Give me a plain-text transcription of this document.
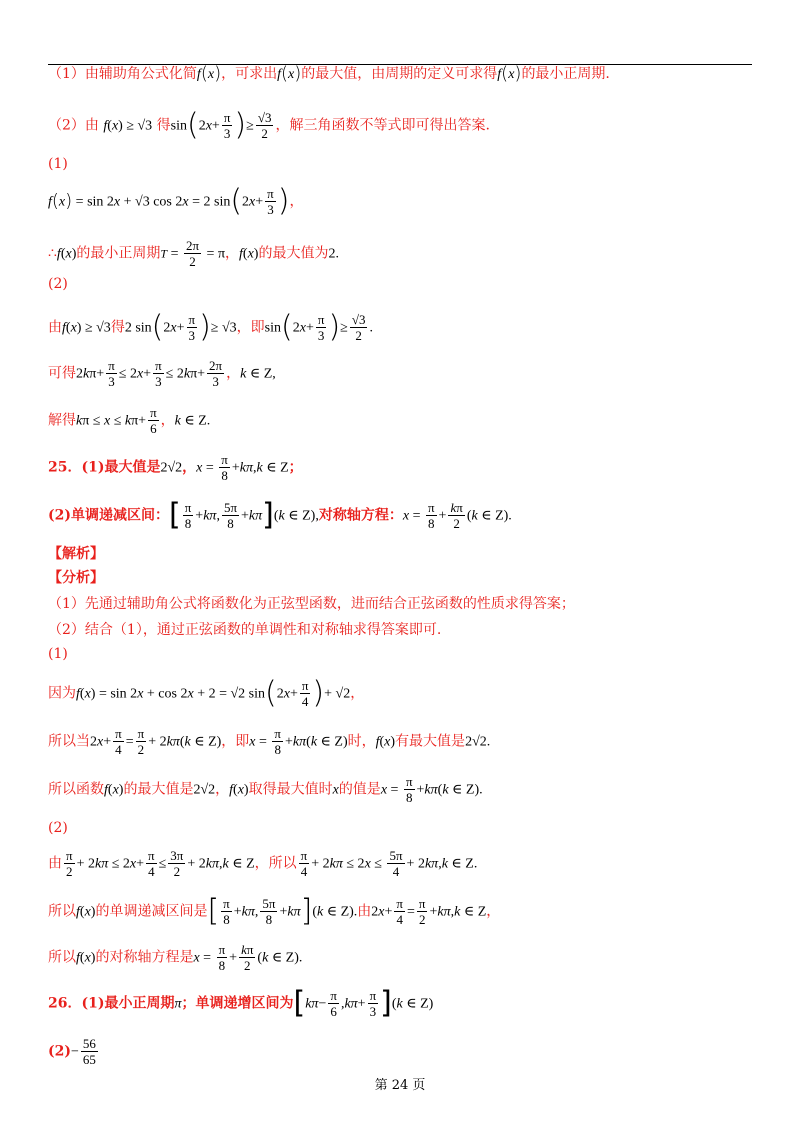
（1）由辅助角公式化简f(x)，可求出f(x)的最大值，由周期的定义可求得f(x)的最小正周期.
（2）由 f(x) ≥ √3 得$\sin(2x+ \frac{\pi}{3}$ )≥ $\frac{√3}{2}$ ，解三角函数不等式即可得出答案.
(1)
f(x) = sin 2x + √3 cos 2x = 2 $\sin(2x+ \frac{\pi}{3}$ )，
∴f(x)的最小正周期$T = \frac{2\pi}{2} = \pi$，f(x)的最大值为2.
(2)
由f(x) ≥ √3得2 $\sin(2x+ \frac{\pi}{3}$ )≥ √3，即$\sin(2x+ \frac{\pi}{3}$ )≥ $\frac{√3}{2}$ .
可得$2k\pi+ \frac{\pi}{3} \le 2x+ \frac{\pi}{3} \le 2k\pi+ \frac{2\pi}{3}$ ，k ∈ Z,
解得$k\pi \le x \le k\pi+ \frac{\pi}{6}$ ，k ∈ Z.
25．(1)最大值是2√2，$x = \frac{\pi}{8} +k\pi,k$ ∈ Z；
(2)单调递减区间：[ $\frac{\pi}{8} +k\pi$, $\frac{5\pi}{8} +k\pi](k$ ∈ Z),对称轴方程：$x = \frac{\pi}{8} + \frac{k\pi}{2} (k$ ∈ Z).
【解析】
【分析】
（1）先通过辅助角公式将函数化为正弦型函数，进而结合正弦函数的性质求得答案；
（2）结合（1），通过正弦函数的单调性和对称轴求得答案即可.
(1)
因为f(x) = sin 2x + cos 2x + 2 = √2 $\sin(2x+ \frac{\pi}{4}$ )+ √2，
所以当$2x+ \frac{\pi}{4} = \frac{\pi}{2} + 2k\pi(k$ ∈ Z)，即$x = \frac{\pi}{8} +k\pi(k$ ∈ Z)时，f(x)有最大值是2√2.
所以函数f(x)的最大值是2√2，f(x)取得最大值时x的值是$x = \frac{\pi}{8} +k\pi(k$ ∈ Z).
(2)
由 $\frac{\pi}{2} + 2k\pi \le 2x+ \frac{\pi}{4} \le \frac{3\pi}{2} + 2k\pi,k$ ∈ Z，所以 $\frac{\pi}{4} + 2k\pi \le 2x \le \frac{5\pi}{4} + 2k\pi,k$ ∈ Z.
所以f(x)的单调递减区间是[ $\frac{\pi}{8} +k\pi$, $\frac{5\pi}{8} +k\pi](k$ ∈ Z).由$2x+ \frac{\pi}{4} = \frac{\pi}{2} +k\pi,k$ ∈ Z，
所以f(x)的对称轴方程是$x = \frac{\pi}{8} + \frac{k\pi}{2} (k$ ∈ Z).
26．(1)最小正周期π；单调递增区间为$[k\pi- \frac{\pi}{6} ,k\pi+ \frac{\pi}{3} ](k$ ∈ Z)
$(2)- \frac{56}{65}$
第 24 页
